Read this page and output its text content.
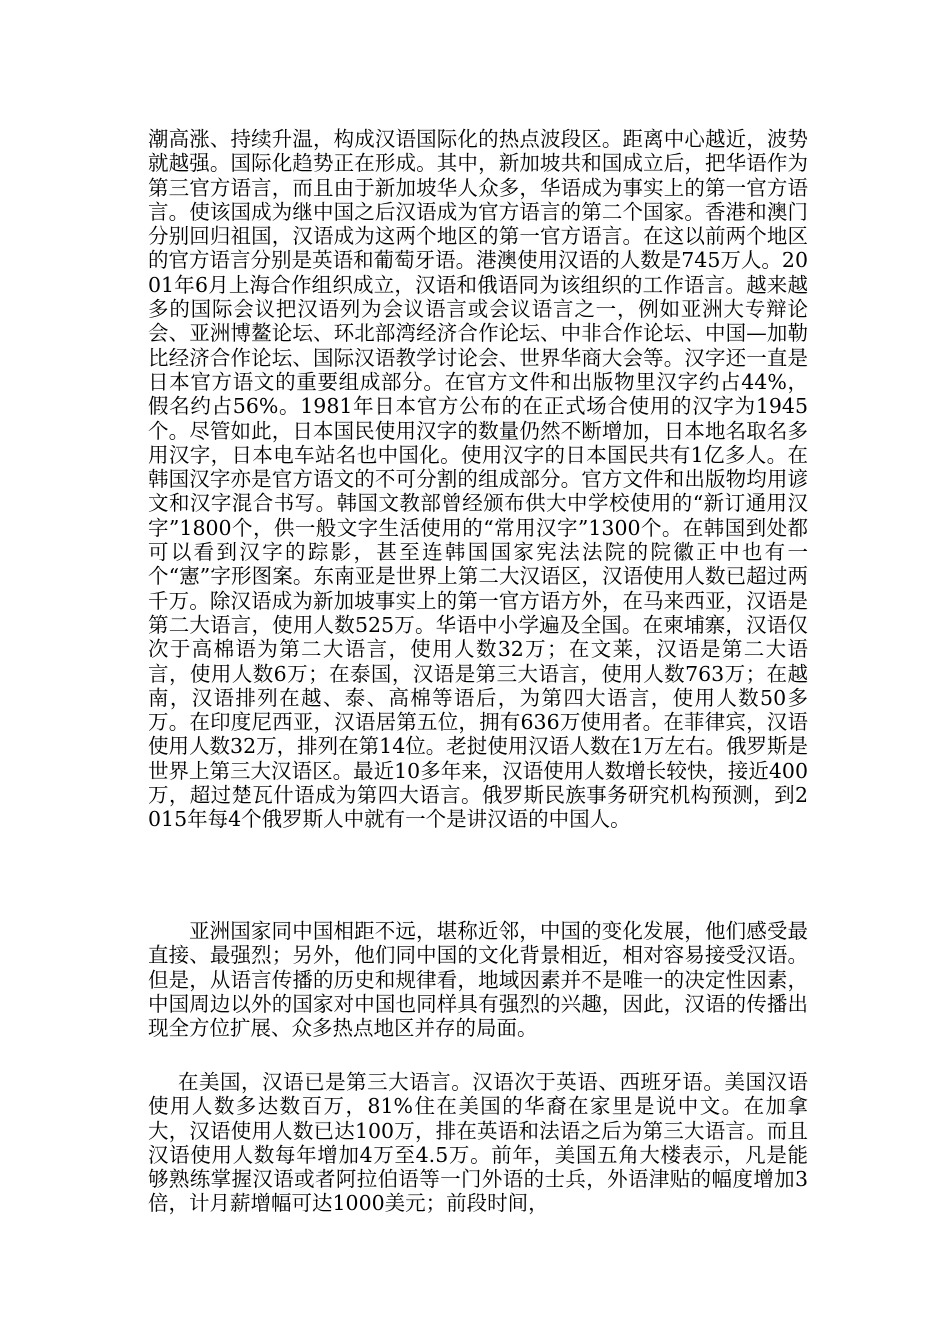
潮高涨、持续升温，构成汉语国际化的热点波段区。距离中心越近，波势就越强。国际化趋势正在形成。其中，新加坡共和国成立后，把华语作为第三官方语言，而且由于新加坡华人众多，华语成为事实上的第一官方语言。使该国成为继中国之后汉语成为官方语言的第二个国家。香港和澳门分别回归祖国，汉语成为这两个地区的第一官方语言。在这以前两个地区的官方语言分别是英语和葡萄牙语。港澳使用汉语的人数是745万人。2001年6月上海合作组织成立，汉语和俄语同为该组织的工作语言。越来越多的国际会议把汉语列为会议语言或会议语言之一，例如亚洲大专辩论会、亚洲博鳌论坛、环北部湾经济合作论坛、中非合作论坛、中国—加勒比经济合作论坛、国际汉语教学讨论会、世界华商大会等。汉字还一直是日本官方语文的重要组成部分。在官方文件和出版物里汉字约占44%，假名约占56%。1981年日本官方公布的在正式场合使用的汉字为1945个。尽管如此，日本国民使用汉字的数量仍然不断增加，日本地名取名多用汉字，日本电车站名也中国化。使用汉字的日本国民共有1亿多人。在韩国汉字亦是官方语文的不可分割的组成部分。官方文件和出版物均用谚文和汉字混合书写。韩国文教部曾经颁布供大中学校使用的“新订通用汉字”1800个，供一般文字生活使用的“常用汉字”1300个。在韩国到处都可以看到汉字的踪影，甚至连韩国国家宪法法院的院徽正中也有一个“憲”字形图案。东南亚是世界上第二大汉语区，汉语使用人数已超过两千万。除汉语成为新加坡事实上的第一官方语方外，在马来西亚，汉语是第二大语言，使用人数525万。华语中小学遍及全国。在柬埔寨，汉语仅次于高棉语为第二大语言，使用人数32万；在文莱，汉语是第二大语言，使用人数6万；在泰国，汉语是第三大语言，使用人数763万；在越南，汉语排列在越、泰、高棉等语后，为第四大语言，使用人数50多万。在印度尼西亚，汉语居第五位，拥有636万使用者。在菲律宾，汉语使用人数32万，排列在第14位。老挝使用汉语人数在1万左右。俄罗斯是世界上第三大汉语区。最近10多年来，汉语使用人数增长较快，接近400万，超过楚瓦什语成为第四大语言。俄罗斯民族事务研究机构预测，到2015年每4个俄罗斯人中就有一个是讲汉语的中国人。

亚洲国家同中国相距不远，堪称近邻，中国的变化发展，他们感受最直接、最强烈；另外，他们同中国的文化背景相近，相对容易接受汉语。但是，从语言传播的历史和规律看，地域因素并不是唯一的决定性因素，中国周边以外的国家对中国也同样具有强烈的兴趣，因此，汉语的传播出现全方位扩展、众多热点地区并存的局面。

在美国，汉语已是第三大语言。汉语次于英语、西班牙语。美国汉语使用人数多达数百万，81%住在美国的华裔在家里是说中文。在加拿大，汉语使用人数已达100万，排在英语和法语之后为第三大语言。而且汉语使用人数每年增加4万至4.5万。前年，美国五角大楼表示，凡是能够熟练掌握汉语或者阿拉伯语等一门外语的士兵，外语津贴的幅度增加3倍，计月薪增幅可达1000美元；前段时间，
